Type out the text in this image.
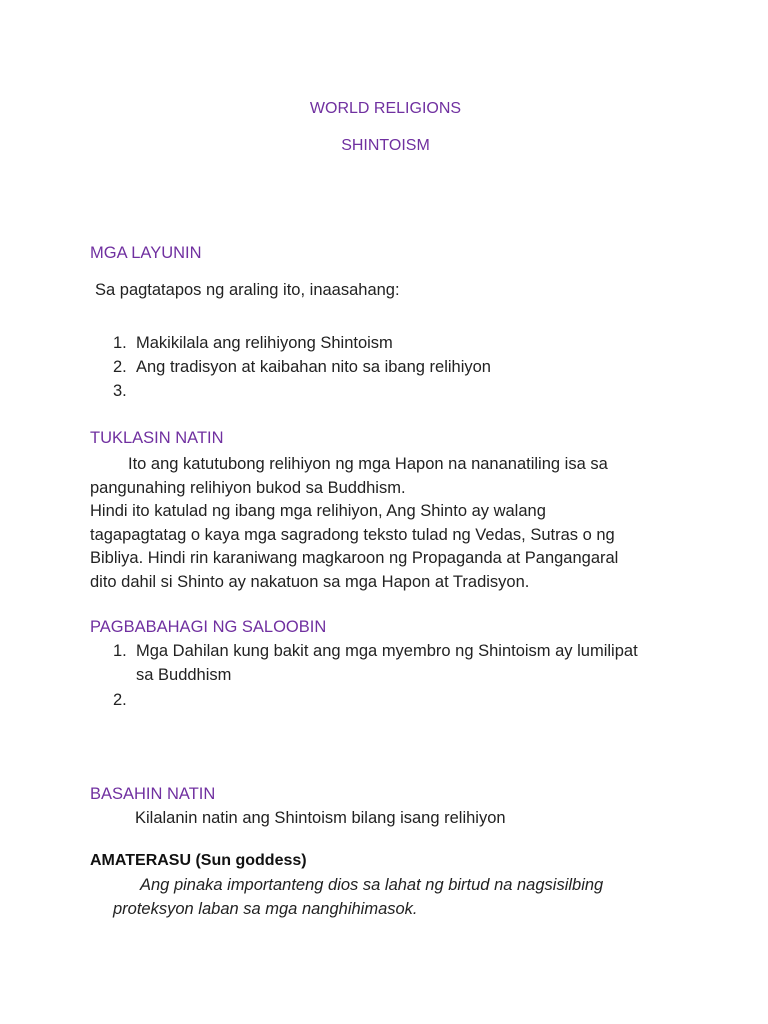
WORLD RELIGIONS
SHINTOISM
MGA LAYUNIN
Sa pagtatapos ng araling ito, inaasahang:
1. Makikilala ang relihiyong Shintoism
2. Ang tradisyon at kaibahan nito sa ibang relihiyon
3.
TUKLASIN NATIN
Ito ang katutubong relihiyon ng mga Hapon na nananatiling isa sa
pangunahing relihiyon bukod sa Buddhism.
Hindi ito katulad ng ibang mga relihiyon, Ang Shinto ay walang
tagapagtatag o kaya mga sagradong teksto tulad ng Vedas, Sutras o ng
Bibliya. Hindi rin karaniwang magkaroon ng Propaganda at Pangangaral
dito dahil si Shinto ay nakatuon sa mga Hapon at Tradisyon.
PAGBABAHAGI NG SALOOBIN
1. Mga Dahilan kung bakit ang mga myembro ng Shintoism ay lumilipat
sa Buddhism
2.
BASAHIN NATIN
Kilalanin natin ang Shintoism bilang isang relihiyon
AMATERASU (Sun goddess)
Ang pinaka importanteng dios sa lahat ng birtud na nagsisilbing
proteksyon laban sa mga nanghihimasok.
